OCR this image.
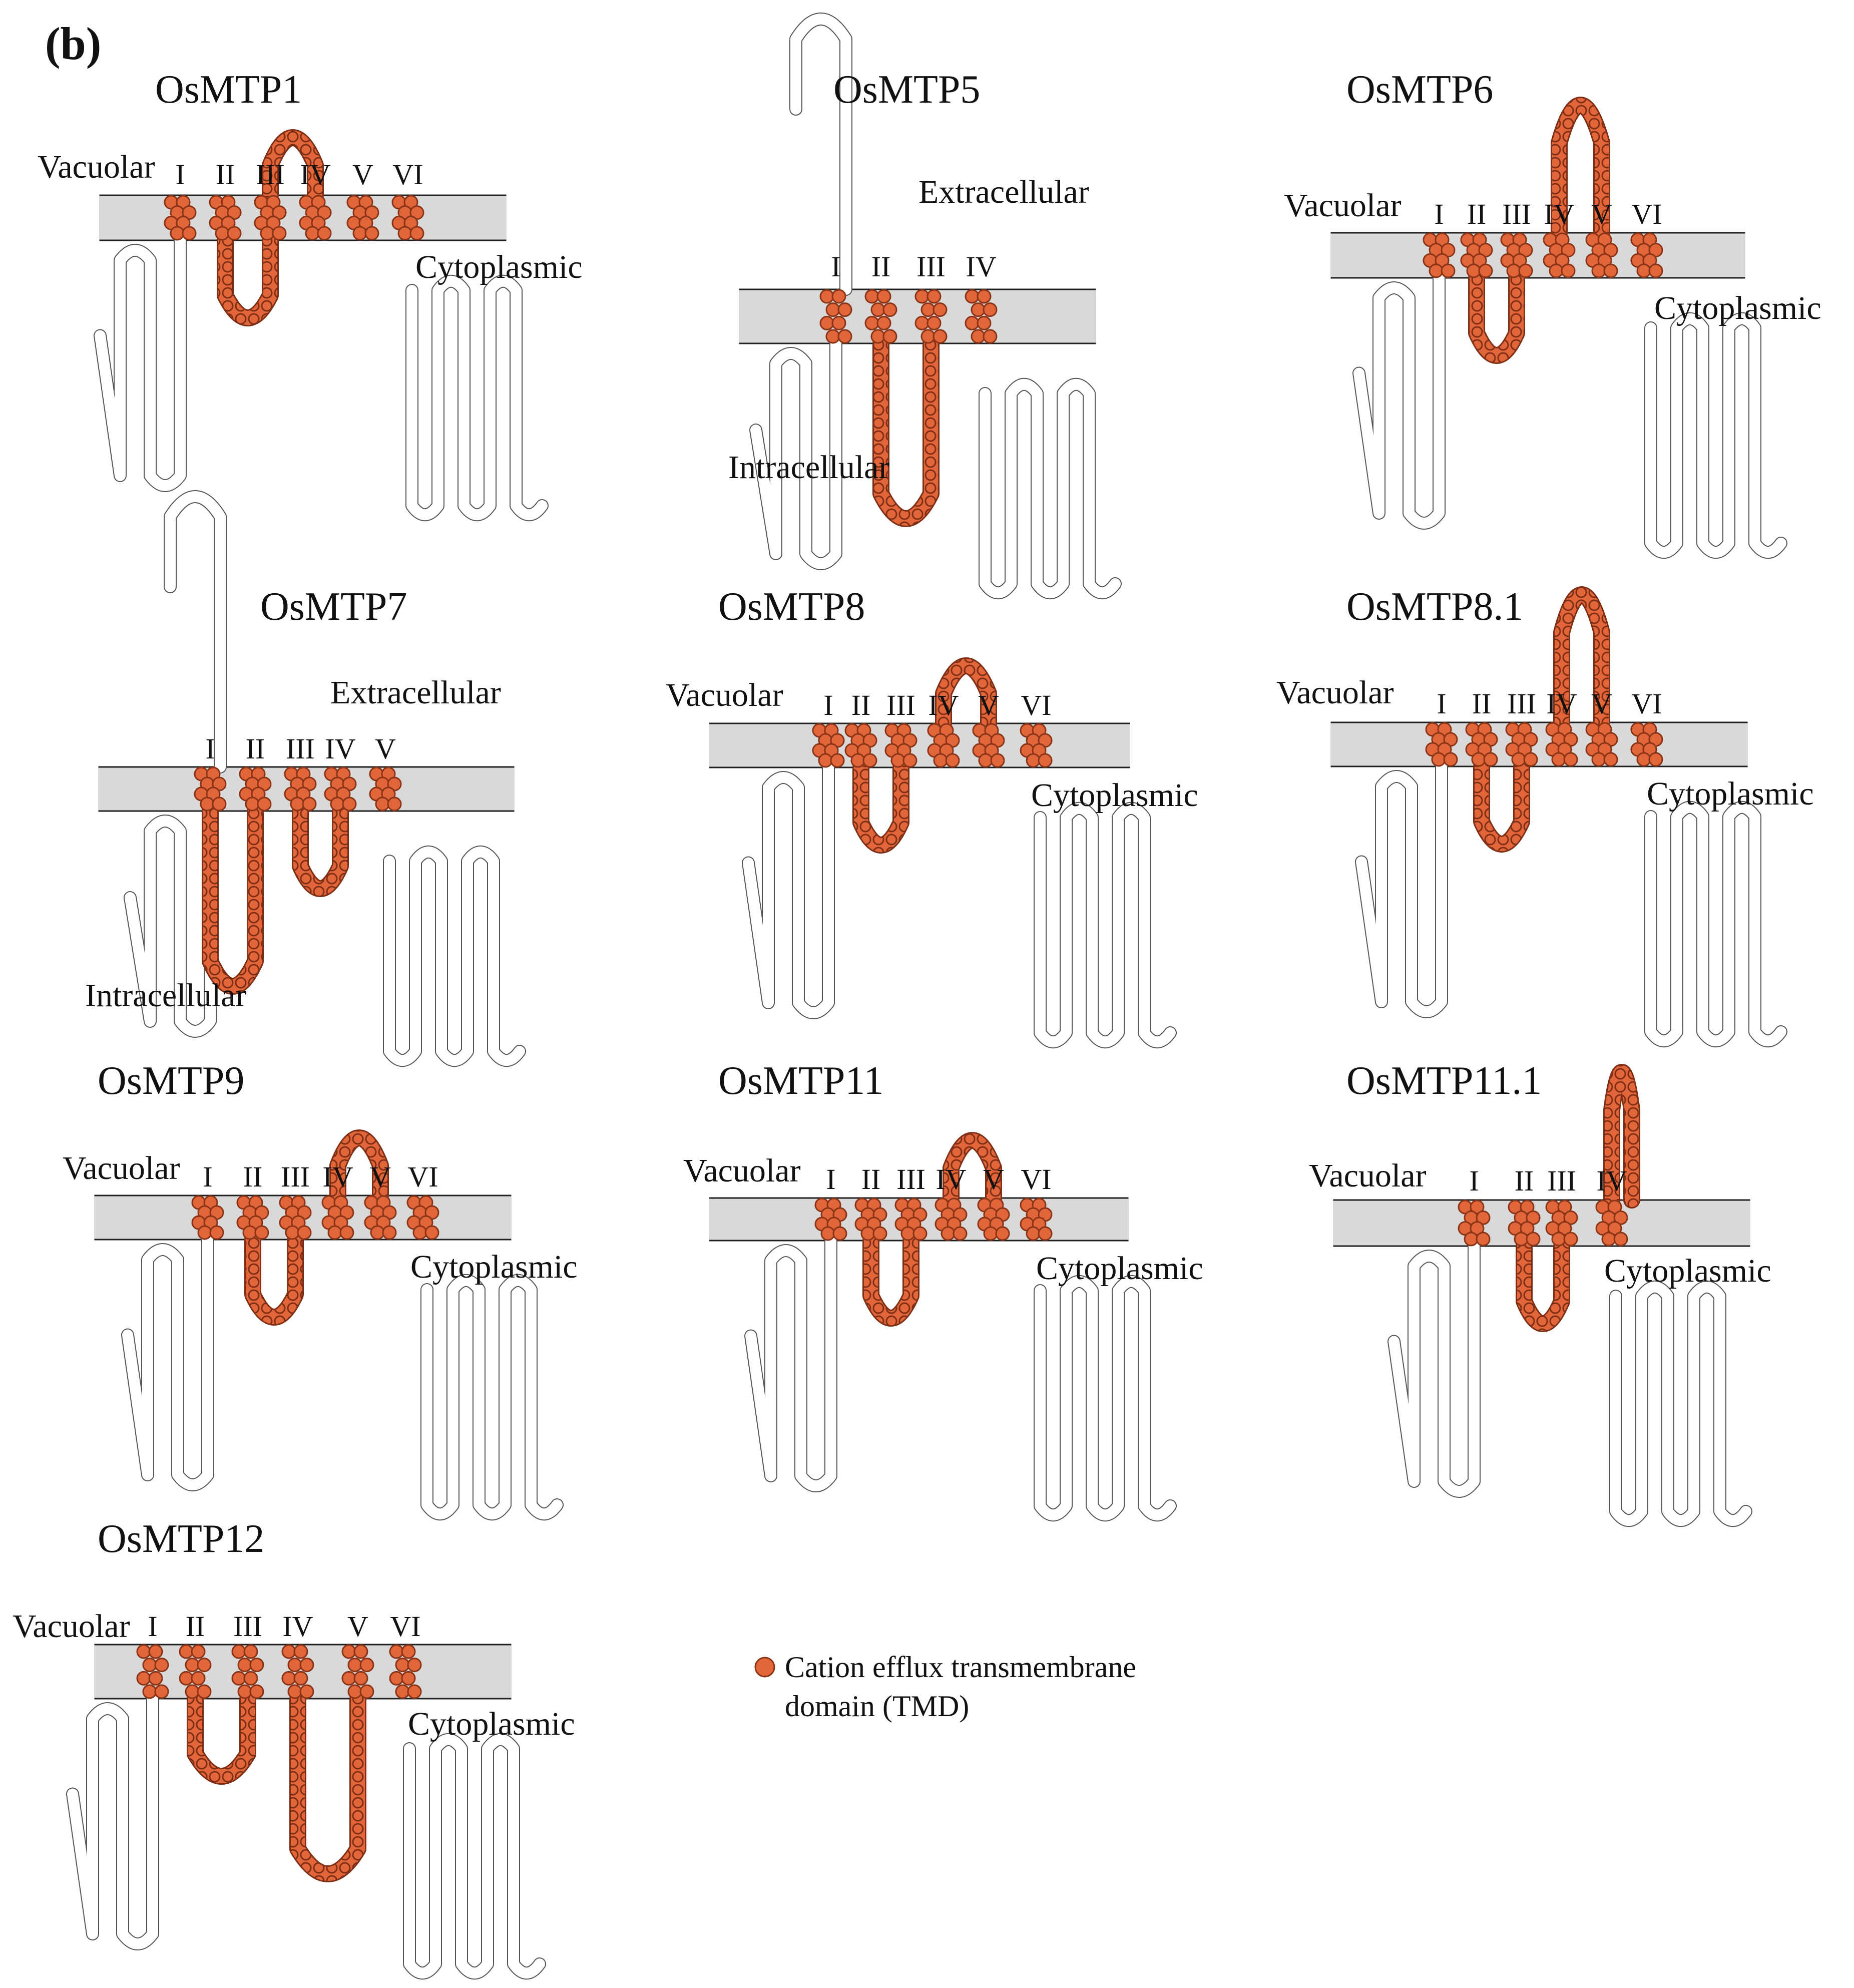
(b)
OsMTP1
Vacuolar
Cytoplasmic
I II III IV V VI
OsMTP5
Extracellular
Intracellular
I II III IV
OsMTP6
Vacuolar
Cytoplasmic
I II III IV V VI
OsMTP7
Extracellular
Intracellular
I II III IV V
OsMTP8
Vacuolar
Cytoplasmic
I II III IV V VI
OsMTP8.1
Vacuolar
Cytoplasmic
I II III IV V VI
OsMTP9
Vacuolar
Cytoplasmic
I II III IV V VI
OsMTP11
Vacuolar
Cytoplasmic
I II III IV V VI
OsMTP11.1
Vacuolar
Cytoplasmic
I II III IV
OsMTP12
Vacuolar
Cytoplasmic
I II III IV V VI
Cation efflux transmembrane
domain (TMD)
